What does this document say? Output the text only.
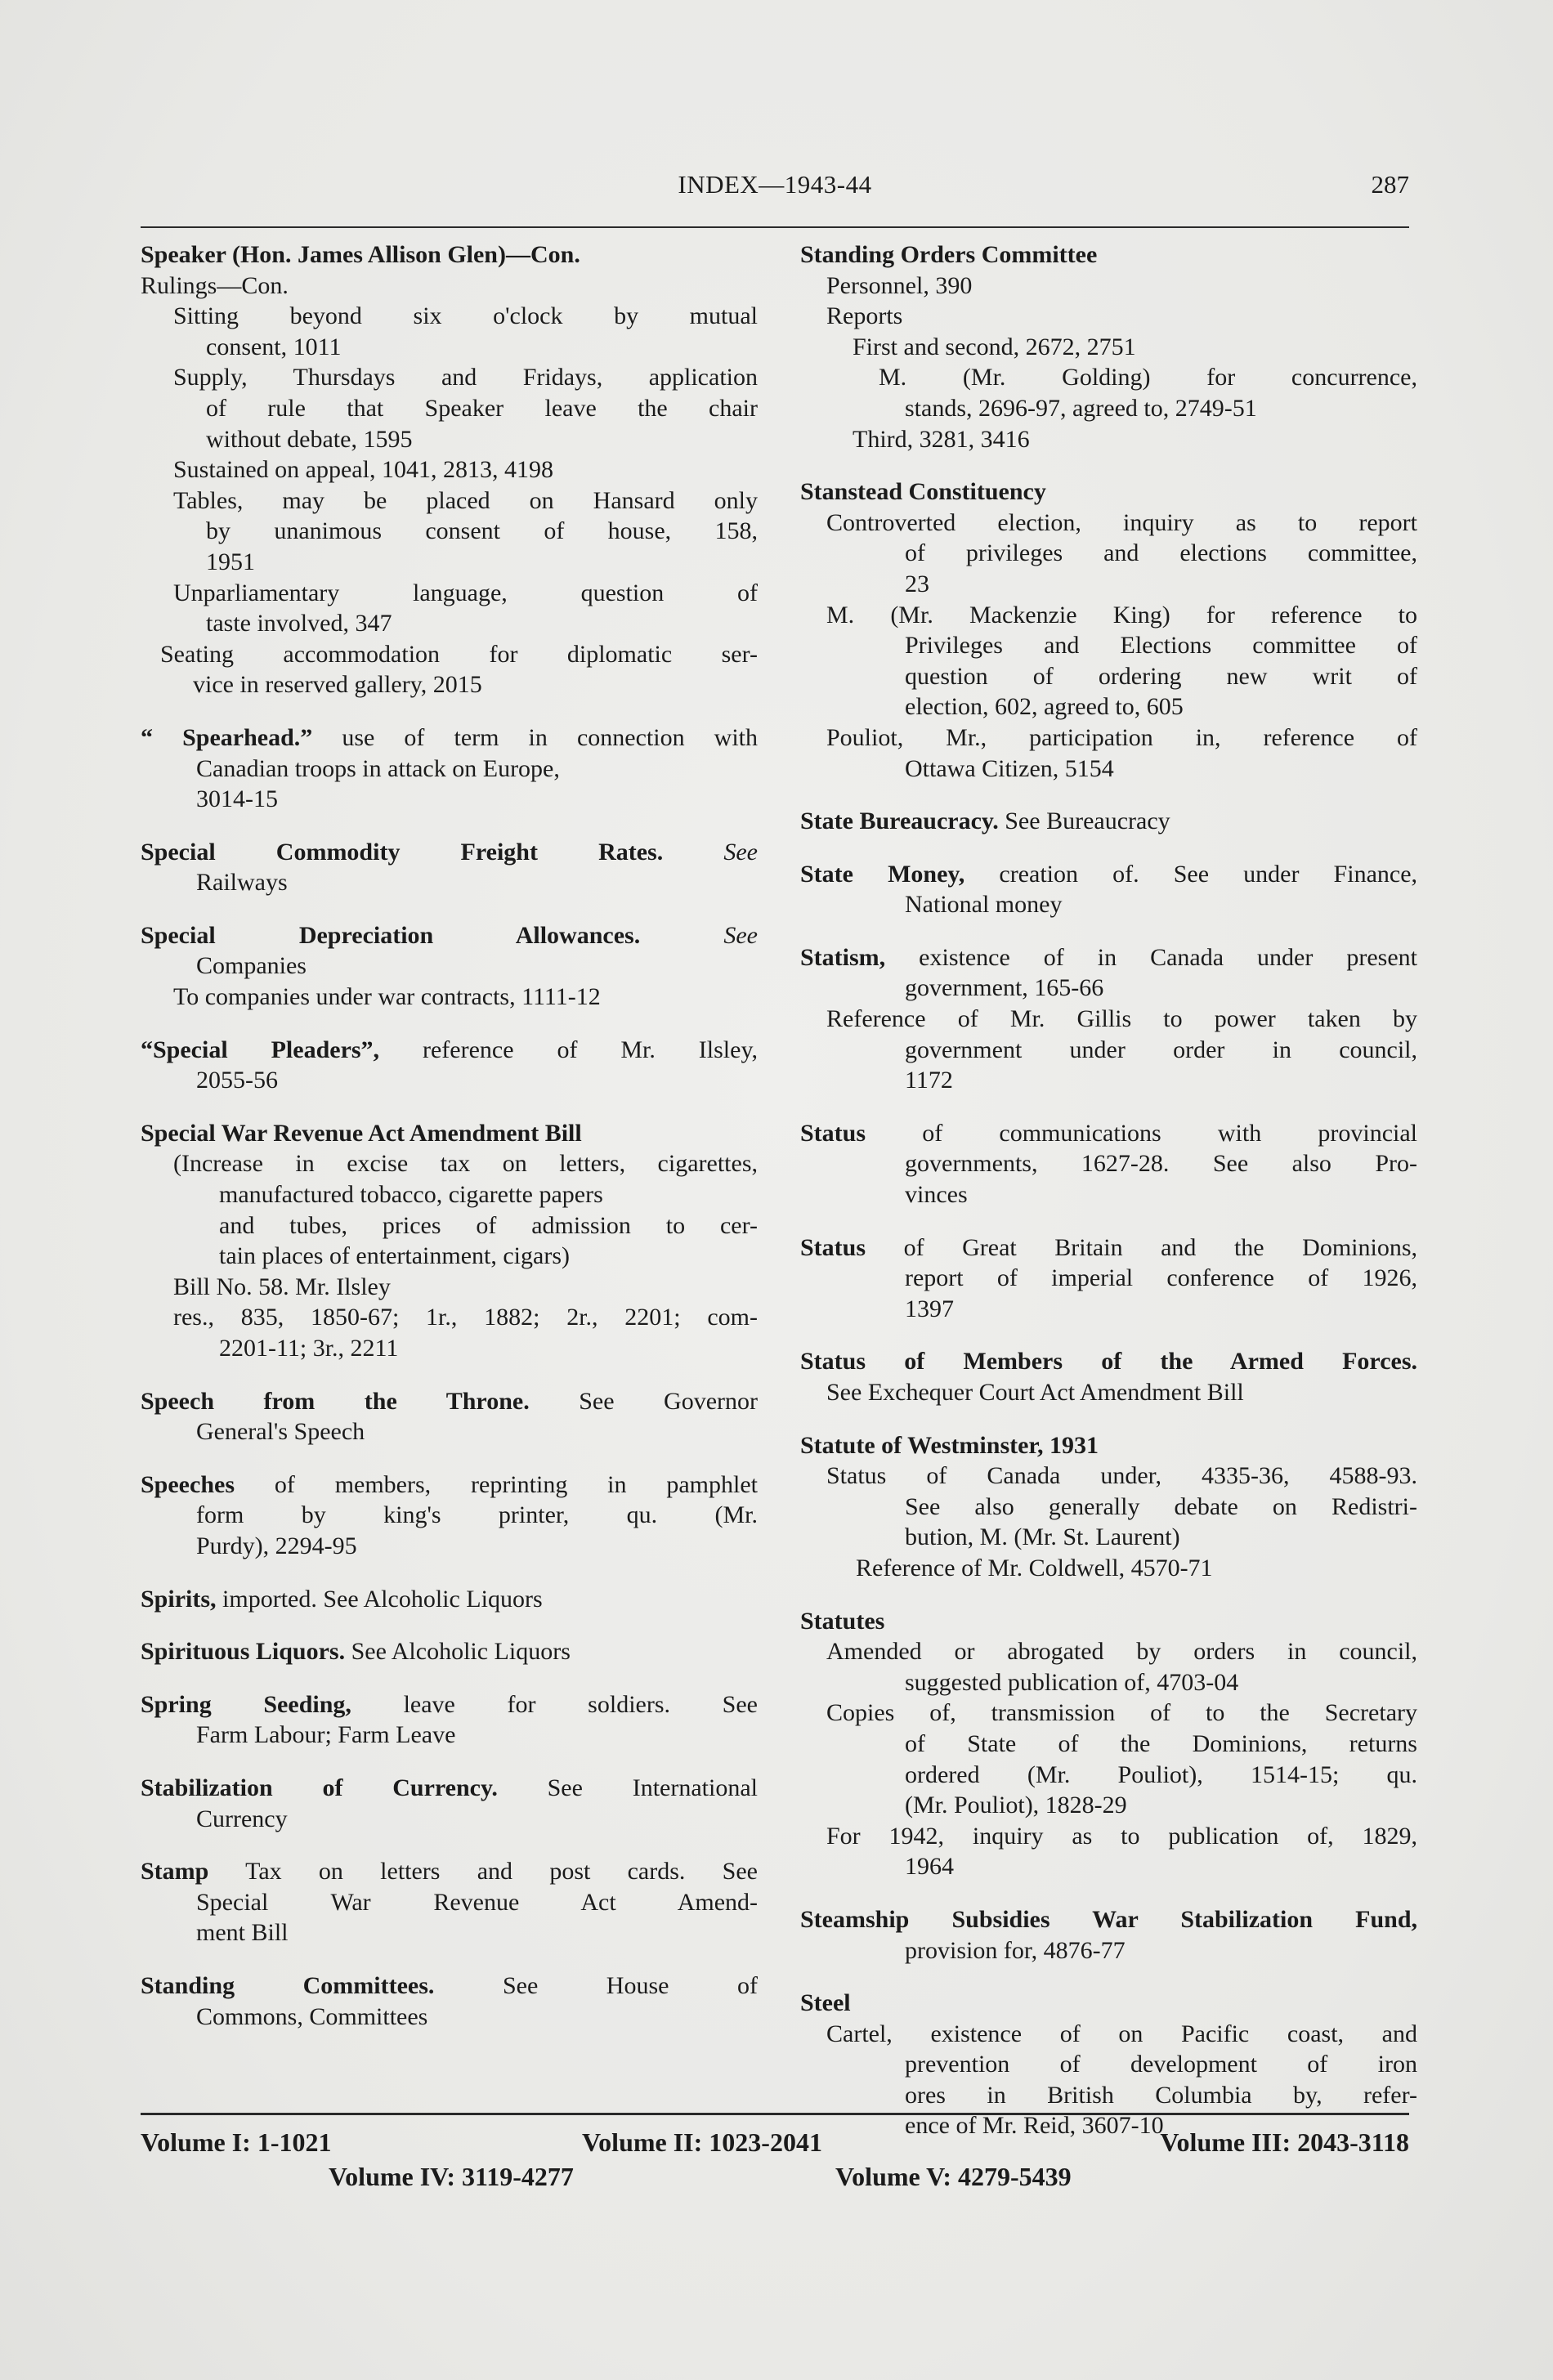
INDEX—1943-44	287
Speaker (Hon. James Allison Glen)—Con.
Rulings—Con.
Sitting beyond six o'clock by mutual
consent, 1011
Supply, Thursdays and Fridays, application
of rule that Speaker leave the chair
without debate, 1595
Sustained on appeal, 1041, 2813, 4198
Tables, may be placed on Hansard only
by unanimous consent of house, 158,
1951
Unparliamentary language, question of
taste involved, 347
Seating accommodation for diplomatic ser-
vice in reserved gallery, 2015
“ Spearhead.” use of term in connection with
Canadian troops in attack on Europe,
3014-15
Special Commodity Freight Rates. See
Railways
Special Depreciation Allowances. See
Companies
To companies under war contracts, 1111-12
“Special Pleaders”, reference of Mr. Ilsley,
2055-56
Special War Revenue Act Amendment Bill
(Increase in excise tax on letters, cigarettes,
manufactured tobacco, cigarette papers
and tubes, prices of admission to cer-
tain places of entertainment, cigars)
Bill No. 58. Mr. Ilsley
res., 835, 1850-67; 1r., 1882; 2r., 2201; com-
2201-11; 3r., 2211
Speech from the Throne. See Governor
General's Speech
Speeches of members, reprinting in pamphlet
form by king's printer, qu. (Mr.
Purdy), 2294-95
Spirits, imported. See Alcoholic Liquors
Spirituous Liquors. See Alcoholic Liquors
Spring Seeding, leave for soldiers. See
Farm Labour; Farm Leave
Stabilization of Currency. See International
Currency
Stamp Tax on letters and post cards. See
Special War Revenue Act Amend-
ment Bill
Standing Committees. See House of
Commons, Committees
Standing Orders Committee
Personnel, 390
Reports
First and second, 2672, 2751
M. (Mr. Golding) for concurrence,
stands, 2696-97, agreed to, 2749-51
Third, 3281, 3416
Stanstead Constituency
Controverted election, inquiry as to report
of privileges and elections committee,
23
M. (Mr. Mackenzie King) for reference to
Privileges and Elections committee of
question of ordering new writ of
election, 602, agreed to, 605
Pouliot, Mr., participation in, reference of
Ottawa Citizen, 5154
State Bureaucracy. See Bureaucracy
State Money, creation of. See under Finance,
National money
Statism, existence of in Canada under present
government, 165-66
Reference of Mr. Gillis to power taken by
government under order in council,
1172
Status of communications with provincial
governments, 1627-28. See also Pro-
vinces
Status of Great Britain and the Dominions,
report of imperial conference of 1926,
1397
Status of Members of the Armed Forces.
See Exchequer Court Act Amendment Bill
Statute of Westminster, 1931
Status of Canada under, 4335-36, 4588-93.
See also generally debate on Redistri-
bution, M. (Mr. St. Laurent)
Reference of Mr. Coldwell, 4570-71
Statutes
Amended or abrogated by orders in council,
suggested publication of, 4703-04
Copies of, transmission of to the Secretary
of State of the Dominions, returns
ordered (Mr. Pouliot), 1514-15; qu.
(Mr. Pouliot), 1828-29
For 1942, inquiry as to publication of, 1829,
1964
Steamship Subsidies War Stabilization Fund,
provision for, 4876-77
Steel
Cartel, existence of on Pacific coast, and
prevention of development of iron
ores in British Columbia by, refer-
ence of Mr. Reid, 3607-10
Volume I: 1-1021	Volume II: 1023-2041	Volume III: 2043-3118
Volume IV: 3119-4277	Volume V: 4279-5439
